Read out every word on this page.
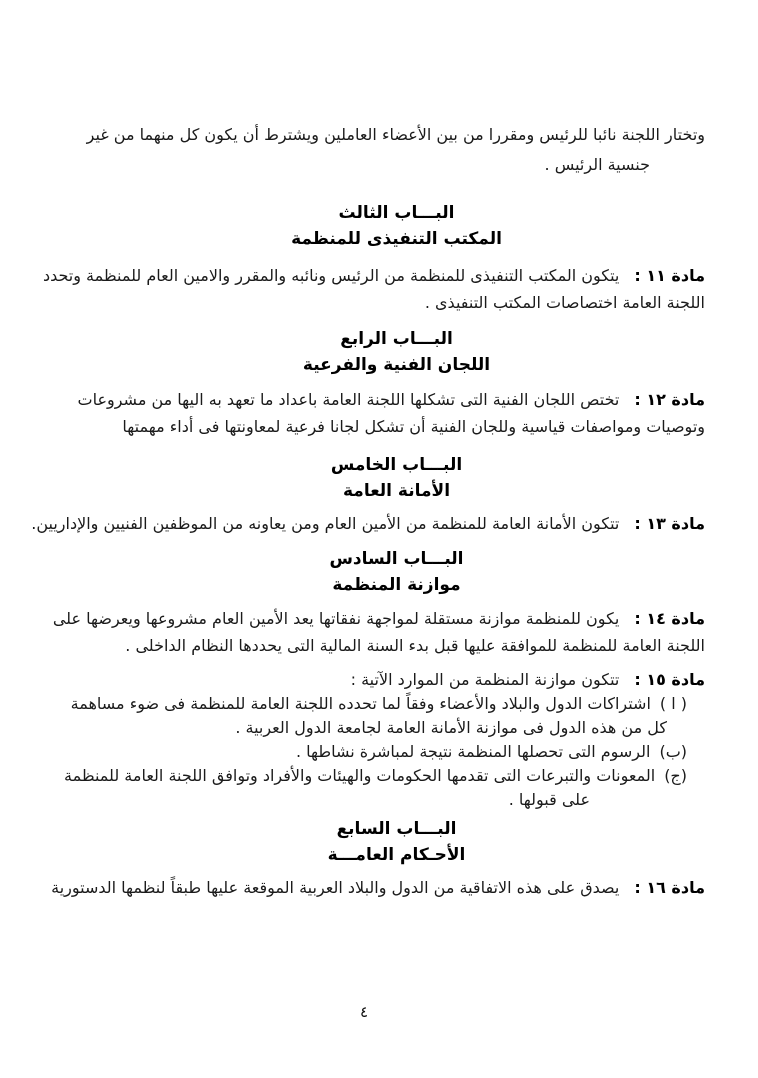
وتختار اللجنة نائبا للرئيس ومقررا من بين الأعضاء العاملين ويشترط أن يكون كل منهما من غير
جنسية الرئيس .
البـــاب الثالث
المكتب التنفيذى للمنظمة
مادة ١١ :يتكون المكتب التنفيذى للمنظمة من الرئيس ونائبه والمقرر والامين العام للمنظمة وتحدد
اللجنة العامة اختصاصات المكتب التنفيذى .
البـــاب الرابع
اللجان الفنية والفرعية
مادة ١٢ :تختص اللجان الفنية التى تشكلها اللجنة العامة باعداد ما تعهد به اليها من مشروعات
وتوصيات ومواصفات قياسية وللجان الفنية أن تشكل لجانا فرعية لمعاونتها فى أداء مهمتها
البـــاب الخامس
الأمانة العامة
مادة ١٣ :تتكون الأمانة العامة للمنظمة من الأمين العام ومن يعاونه من الموظفين الفنيين والإداريين.
البـــاب السادس
موازنة المنظمة
مادة ١٤ :يكون للمنظمة موازنة مستقلة لمواجهة نفقاتها يعد الأمين العام مشروعها ويعرضها على
اللجنة العامة للمنظمة للموافقة عليها قبل بدء السنة المالية التى يحددها النظام الداخلى .
مادة ١٥ :تتكون موازنة المنظمة من الموارد الآتية :
( ا )اشتراكات الدول والبلاد والأعضاء وفقاً لما تحدده اللجنة العامة للمنظمة فى ضوء مساهمة
كل من هذه الدول فى موازنة الأمانة العامة لجامعة الدول العربية .
(ب)الرسوم التى تحصلها المنظمة نتيجة لمباشرة نشاطها .
(ج)المعونات والتبرعات التى تقدمها الحكومات والهيئات والأفراد وتوافق اللجنة العامة للمنظمة
على قبولها .
البـــاب السابع
الأحـكام العامـــة
مادة ١٦ :يصدق على هذه الاتفاقية من الدول والبلاد العربية الموقعة عليها طبقاً لنظمها الدستورية
٤
